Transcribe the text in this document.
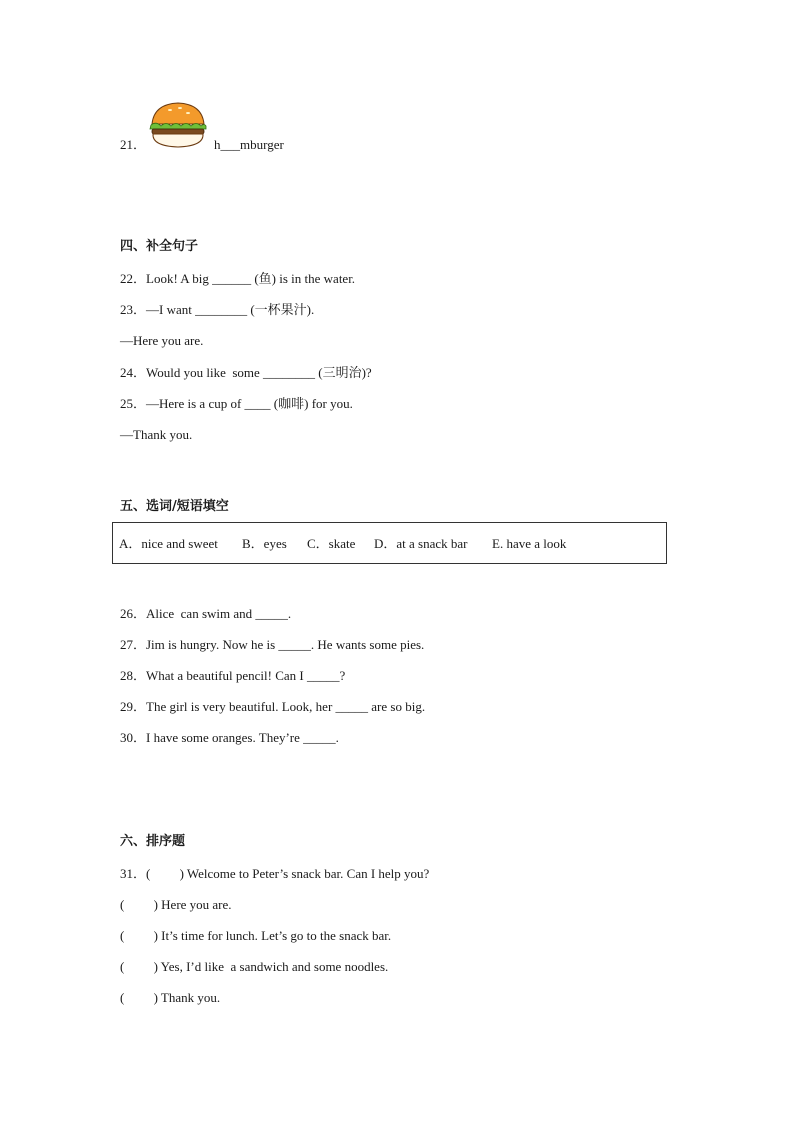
21．	h___mburger
四、补全句子
22．Look! A big ______ (鱼) is in the water.
23．—I want ________ (一杯果汁).
—Here you are.
24．Would you like  some ________ (三明治)?
25．—Here is a cup of ____ (咖啡) for you.
—Thank you.
五、选词/短语填空
A．nice and sweet B．eyes C．skate D．at a snack bar E. have a look
26．Alice  can swim and _____.
27．Jim is hungry. Now he is _____. He wants some pies.
28．What a beautiful pencil! Can I _____?
29．The girl is very beautiful. Look, her _____ are so big.
30．I have some oranges. They’re _____.
六、排序题
31．(         ) Welcome to Peter’s snack bar. Can I help you?
(         ) Here you are.
(         ) It’s time for lunch. Let’s go to the snack bar.
(         ) Yes, I’d like  a sandwich and some noodles.
(         ) Thank you.
